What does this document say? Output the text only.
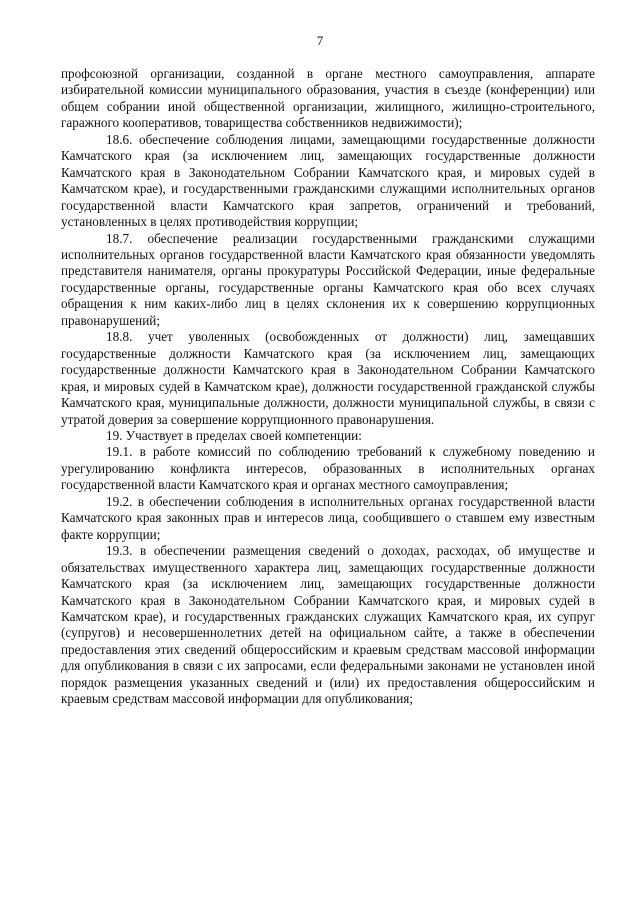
7

профсоюзной организации, созданной в органе местного самоуправления, аппарате избирательной комиссии муниципального образования, участия в съезде (конференции) или общем собрании иной общественной организации, жилищного, жилищно-строительного, гаражного кооперативов, товарищества собственников недвижимости);

18.6. обеспечение соблюдения лицами, замещающими государственные должности Камчатского края (за исключением лиц, замещающих государственные должности Камчатского края в Законодательном Собрании Камчатского края, и мировых судей в Камчатском крае), и государственными гражданскими служащими исполнительных органов государственной власти Камчатского края запретов, ограничений и требований, установленных в целях противодействия коррупции;

18.7. обеспечение реализации государственными гражданскими служащими исполнительных органов государственной власти Камчатского края обязанности уведомлять представителя нанимателя, органы прокуратуры Российской Федерации, иные федеральные государственные органы, государственные органы Камчатского края обо всех случаях обращения к ним каких-либо лиц в целях склонения их к совершению коррупционных правонарушений;

18.8. учет уволенных (освобожденных от должности) лиц, замещавших государственные должности Камчатского края (за исключением лиц, замещающих государственные должности Камчатского края в Законодательном Собрании Камчатского края, и мировых судей в Камчатском крае), должности государственной гражданской службы Камчатского края, муниципальные должности, должности муниципальной службы, в связи с утратой доверия за совершение коррупционного правонарушения.

19. Участвует в пределах своей компетенции:

19.1. в работе комиссий по соблюдению требований к служебному поведению и урегулированию конфликта интересов, образованных в исполнительных органах государственной власти Камчатского края и органах местного самоуправления;

19.2. в обеспечении соблюдения в исполнительных органах государственной власти Камчатского края законных прав и интересов лица, сообщившего о ставшем ему известным факте коррупции;

19.3. в обеспечении размещения сведений о доходах, расходах, об имуществе и обязательствах имущественного характера лиц, замещающих государственные должности Камчатского края (за исключением лиц, замещающих государственные должности Камчатского края в Законодательном Собрании Камчатского края, и мировых судей в Камчатском крае), и государственных гражданских служащих Камчатского края, их супруг (супругов) и несовершеннолетних детей на официальном сайте, а также в обеспечении предоставления этих сведений общероссийским и краевым средствам массовой информации для опубликования в связи с их запросами, если федеральными законами не установлен иной порядок размещения указанных сведений и (или) их предоставления общероссийским и краевым средствам массовой информации для опубликования;
